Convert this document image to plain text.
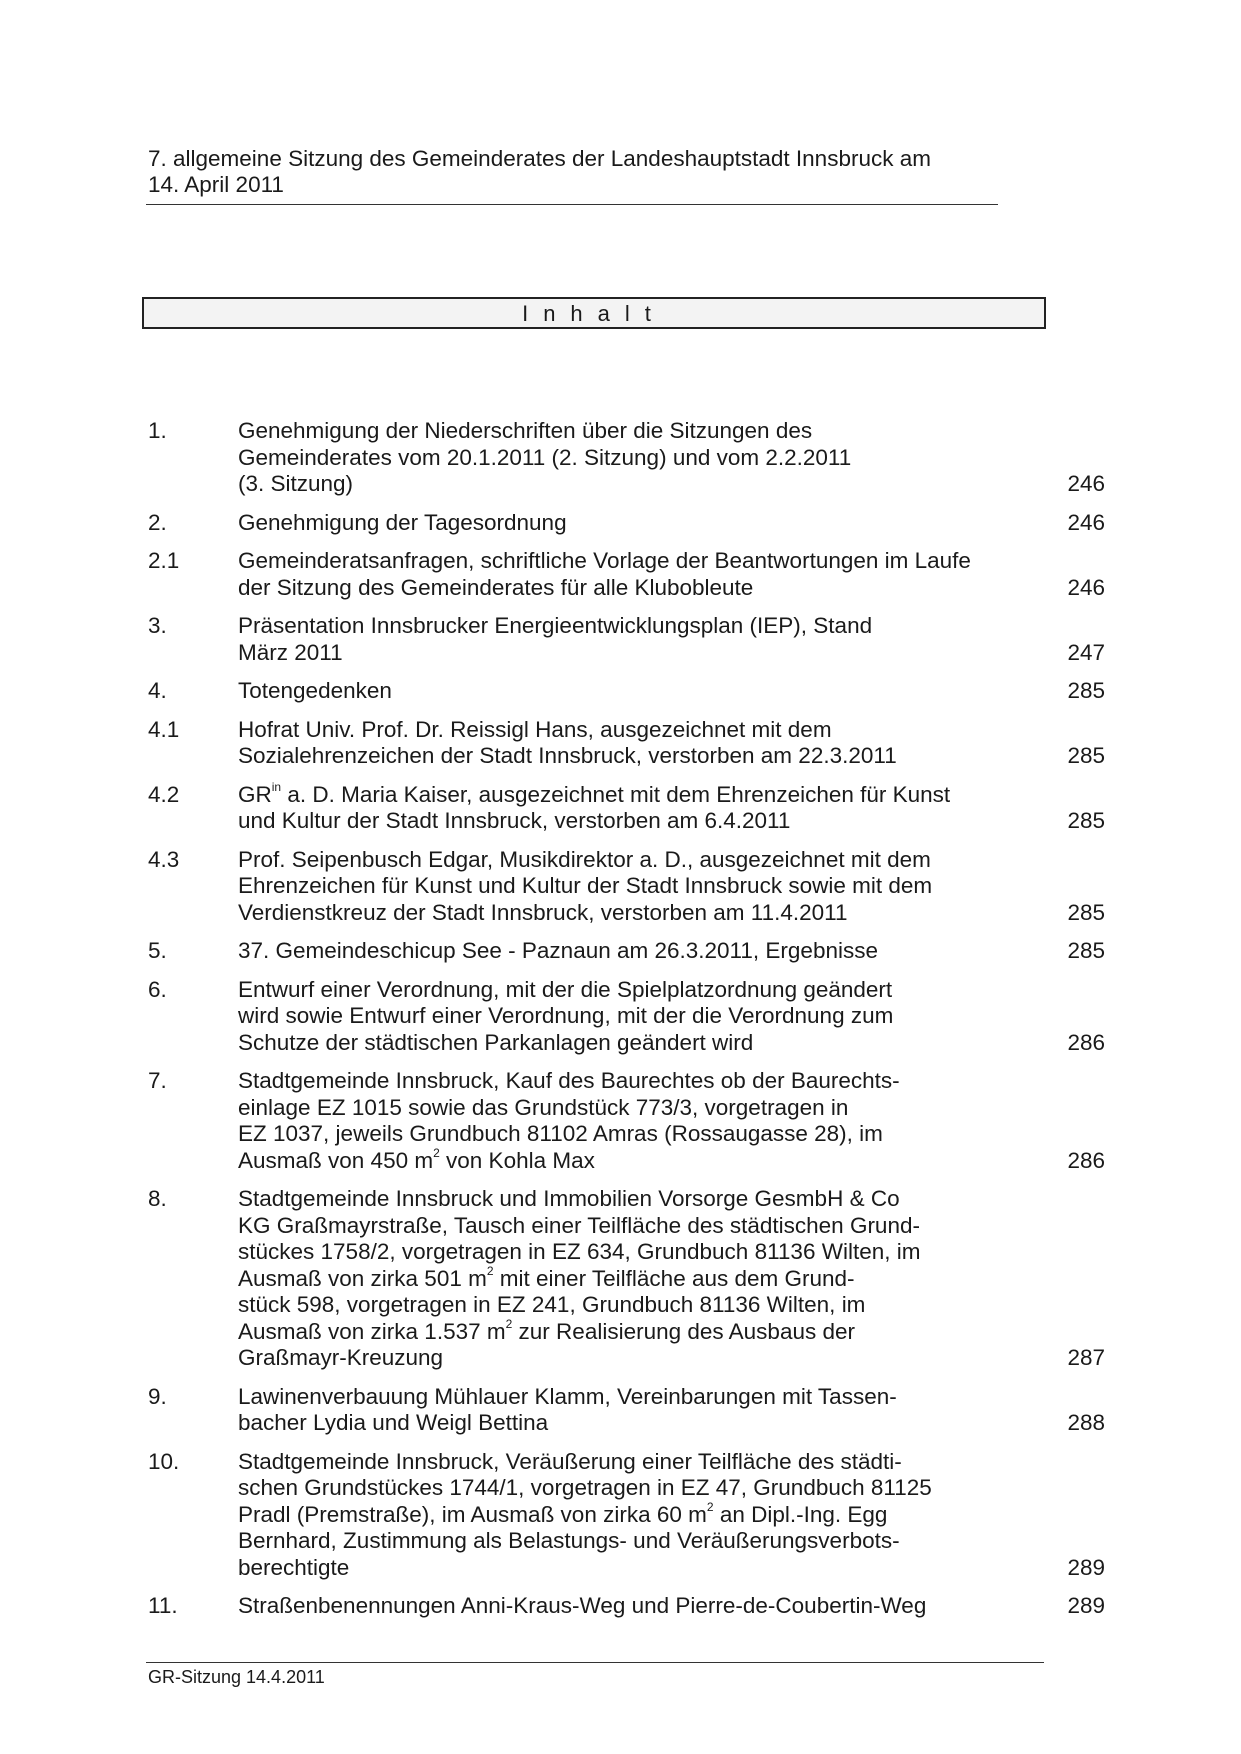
7. allgemeine Sitzung des Gemeinderates der Landeshauptstadt Innsbruck am
14. April 2011
Inhalt
1.	Genehmigung der Niederschriften über die Sitzungen des
Gemeinderates vom 20.1.2011 (2. Sitzung) und vom 2.2.2011
(3. Sitzung)	246
2.	Genehmigung der Tagesordnung	246
2.1	Gemeinderatsanfragen, schriftliche Vorlage der Beantwortungen im Laufe
der Sitzung des Gemeinderates für alle Klubobleute	246
3.	Präsentation Innsbrucker Energieentwicklungsplan (IEP), Stand
März 2011	247
4.	Totengedenken	285
4.1	Hofrat Univ. Prof. Dr. Reissigl Hans, ausgezeichnet mit dem
Sozialehrenzeichen der Stadt Innsbruck, verstorben am 22.3.2011	285
4.2	$GR^{in}$ a. D. Maria Kaiser, ausgezeichnet mit dem Ehrenzeichen für Kunst
und Kultur der Stadt Innsbruck, verstorben am 6.4.2011	285
4.3	Prof. Seipenbusch Edgar, Musikdirektor a. D., ausgezeichnet mit dem
Ehrenzeichen für Kunst und Kultur der Stadt Innsbruck sowie mit dem
Verdienstkreuz der Stadt Innsbruck, verstorben am 11.4.2011	285
5.	37. Gemeindeschicup See - Paznaun am 26.3.2011, Ergebnisse	285
6.	Entwurf einer Verordnung, mit der die Spielplatzordnung geändert
wird sowie Entwurf einer Verordnung, mit der die Verordnung zum
Schutze der städtischen Parkanlagen geändert wird	286
7.	Stadtgemeinde Innsbruck, Kauf des Baurechtes ob der Baurechts-
einlage EZ 1015 sowie das Grundstück 773/3, vorgetragen in
EZ 1037, jeweils Grundbuch 81102 Amras (Rossaugasse 28), im
Ausmaß von 450 $m^2$ von Kohla Max	286
8.	Stadtgemeinde Innsbruck und Immobilien Vorsorge GesmbH & Co
KG Graßmayrstraße, Tausch einer Teilfläche des städtischen Grund-
stückes 1758/2, vorgetragen in EZ 634, Grundbuch 81136 Wilten, im
Ausmaß von zirka 501 $m^2$ mit einer Teilfläche aus dem Grund-
stück 598, vorgetragen in EZ 241, Grundbuch 81136 Wilten, im
Ausmaß von zirka 1.537 $m^2$ zur Realisierung des Ausbaus der
Graßmayr-Kreuzung	287
9.	Lawinenverbauung Mühlauer Klamm, Vereinbarungen mit Tassen-
bacher Lydia und Weigl Bettina	288
10.	Stadtgemeinde Innsbruck, Veräußerung einer Teilfläche des städti-
schen Grundstückes 1744/1, vorgetragen in EZ 47, Grundbuch 81125
Pradl (Premstraße), im Ausmaß von zirka 60 $m^2$ an Dipl.-Ing. Egg
Bernhard, Zustimmung als Belastungs- und Veräußerungsverbots-
berechtigte	289
11.	Straßenbenennungen Anni-Kraus-Weg und Pierre-de-Coubertin-Weg	289
GR-Sitzung 14.4.2011
